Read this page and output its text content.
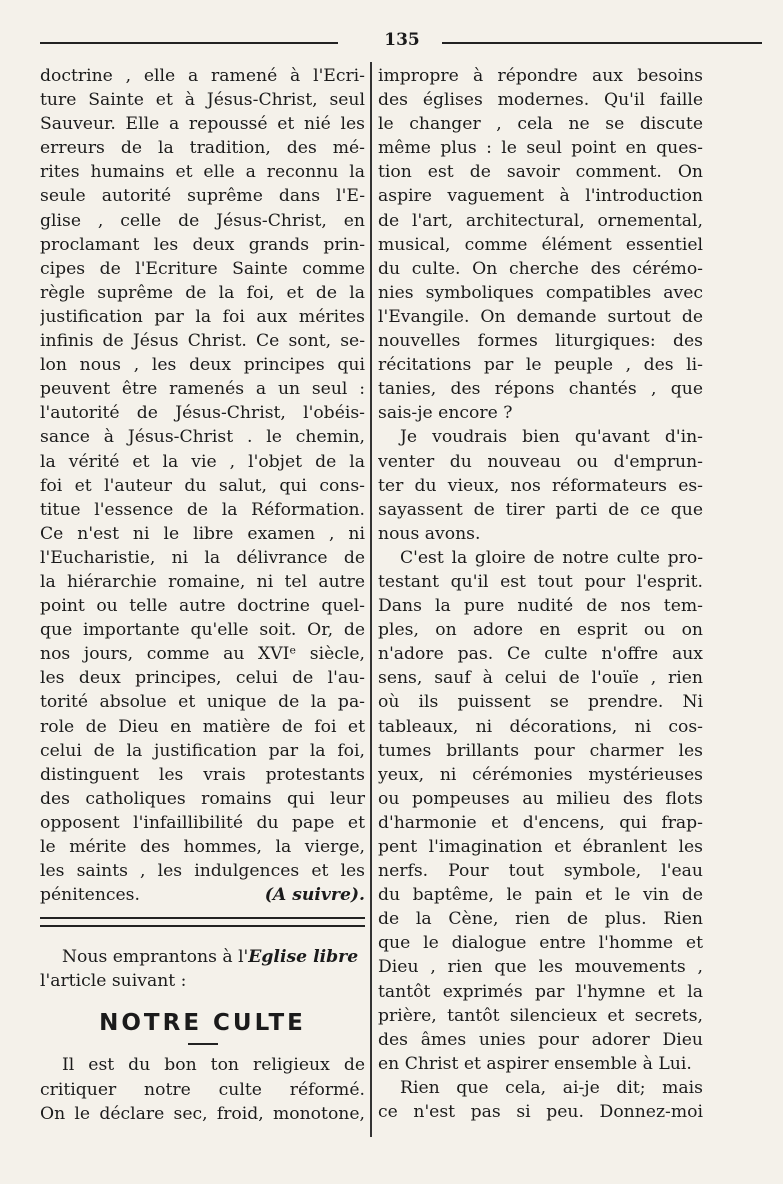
135
doctrine , elle a ramené à l'Ecri-
ture Sainte et à Jésus-Christ, seul
Sauveur. Elle a repoussé et nié les
erreurs de la tradition, des mé-
rites humains et elle a reconnu la
seule autorité suprême dans l'E-
glise , celle de Jésus-Christ, en
proclamant les deux grands prin-
cipes de l'Ecriture Sainte comme
règle suprême de la foi, et de la
justification par la foi aux mérites
infinis de Jésus Christ. Ce sont, se-
lon nous , les deux principes qui
peuvent être ramenés a un seul :
l'autorité de Jésus-Christ, l'obéis-
sance à Jésus-Christ . le chemin,
la vérité et la vie , l'objet de la
foi et l'auteur du salut, qui cons-
titue l'essence de la Réformation.
Ce n'est ni le libre examen , ni
l'Eucharistie, ni la délivrance de
la hiérarchie romaine, ni tel autre
point ou telle autre doctrine quel-
que importante qu'elle soit. Or, de
nos jours, comme au XVIᵉ siècle,
les deux principes, celui de l'au-
torité absolue et unique de la pa-
role de Dieu en matière de foi et
celui de la justification par la foi,
distinguent les vrais protestants
des catholiques romains qui leur
opposent l'infaillibilité du pape et
le mérite des hommes, la vierge,
les saints , les indulgences et les
pénitences.	(A suivre).
Nous emprantons à l'Eglise libre
l'article suivant :
NOTRE CULTE
Il est du bon ton religieux de
critiquer notre culte réformé.
On le déclare sec, froid, monotone,
impropre à répondre aux besoins
des églises modernes. Qu'il faille
le changer , cela ne se discute
même plus : le seul point en ques-
tion est de savoir comment. On
aspire vaguement à l'introduction
de l'art, architectural, ornemental,
musical, comme élément essentiel
du culte. On cherche des cérémo-
nies symboliques compatibles avec
l'Evangile. On demande surtout de
nouvelles formes liturgiques: des
récitations par le peuple , des li-
tanies, des répons chantés , que
sais-je encore ?
Je voudrais bien qu'avant d'in-
venter du nouveau ou d'emprun-
ter du vieux, nos réformateurs es-
sayassent de tirer parti de ce que
nous avons.
C'est la gloire de notre culte pro-
testant qu'il est tout pour l'esprit.
Dans la pure nudité de nos tem-
ples, on adore en esprit ou on
n'adore pas. Ce culte n'offre aux
sens, sauf à celui de l'ouïe , rien
où ils puissent se prendre. Ni
tableaux, ni décorations, ni cos-
tumes brillants pour charmer les
yeux, ni cérémonies mystérieuses
ou pompeuses au milieu des flots
d'harmonie et d'encens, qui frap-
pent l'imagination et ébranlent les
nerfs. Pour tout symbole, l'eau
du baptême, le pain et le vin de
de la Cène, rien de plus. Rien
que le dialogue entre l'homme et
Dieu , rien que les mouvements ,
tantôt exprimés par l'hymne et la
prière, tantôt silencieux et secrets,
des âmes unies pour adorer Dieu
en Christ et aspirer ensemble à Lui.
Rien que cela, ai-je dit; mais
ce n'est pas si peu. Donnez-moi
